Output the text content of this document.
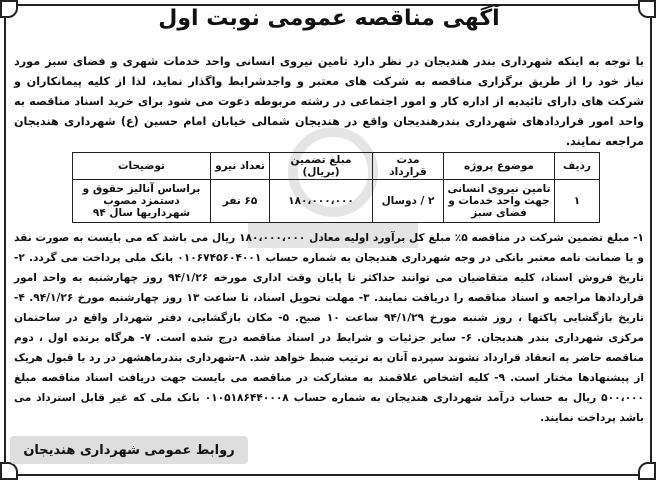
آگهی مناقصه عمومی نوبت اول
با توجه به اینکه شهرداری بندر هندیجان در نظر دارد تامین نیروی انسانی واحد خدمات شهری و فضای سبز مورد نیاز خود را از طریق برگزاری مناقصه به شرکت های معتبر و واجدشرایط واگذار نماید، لذا از کلیه پیمانکاران و شرکت های دارای تائیدیه از اداره کار و امور اجتماعی در رشته مربوطه دعوت می شود برای خرید اسناد مناقصه به واحد امور قراردادهای شهرداری بندرهندیجان واقع در هندیجان شمالی خیابان امام حسین (ع) شهرداری هندیجان مراجعه نمایند.
ردیف	موضوع پروژه	مدت قرارداد	مبلغ تضمین (بریال)	تعداد نیرو	توضیحات
۱	تامین نیروی انسانی جهت واحد خدمات و فضای سبز	۲ / دوسال	۱۸۰،۰۰۰،۰۰۰	۶۵ نفر	براساس آنالیز حقوق و دستمزد مصوب شهرداریها سال ۹۴
۱- مبلغ تضمین شرکت در مناقصه ۵٪ مبلغ کل برآورد اولیه معادل ۱۸۰،۰۰۰،۰۰۰ ریال می باشد که می بایست به صورت نقد و یا ضمانت نامه معتبر بانکی در وجه شهرداری هندیجان به شماره حساب ۰۱۰۶۷۴۵۶۰۴۰۰۱ بانک ملی پرداخت می گردد. ۲- تاریخ فروش اسناد، کلیه متقاضیان می توانند حداکثر تا پایان وقت اداری مورخه ۹۴/۱/۲۶ روز چهارشنبه به واحد امور قراردادها مراجعه و اسناد مناقصه را دریافت نمایند. ۳- مهلت تحویل اسناد، تا ساعت ۱۳ روز چهارشنبه مورخ ۹۴/۱/۲۶. ۴- تاریخ بازگشایی پاکتها ، روز شنبه مورخ ۹۴/۱/۲۹ ساعت ۱۰ صبح. ۵- مکان بازگشایی، دفتر شهردار واقع در ساختمان مرکزی شهرداری بندر هندیجان. ۶- سایر جزئیات و شرایط در اسناد مناقصه درج شده است. ۷- هرگاه برنده اول ، دوم مناقصه حاضر به انعقاد قرارداد نشوند سپرده آنان به ترتیب ضبط خواهد شد. ۸-شهرداری بندرماهشهر در رد یا قبول هریک از پیشنهادها مختار است. ۹- کلیه اشخاص علاقمند به مشارکت در مناقصه می بایست جهت دریافت اسناد مناقصه مبلغ ۵۰۰،۰۰۰ ریال به حساب درآمد شهرداری هندیجان به شماره حساب ۰۱۰۵۱۸۶۴۴۰۰۰۸ بانک ملی که غیر قابل استرداد می باشد پرداخت نمایند.
روابط عمومی شهرداری هندیجان
